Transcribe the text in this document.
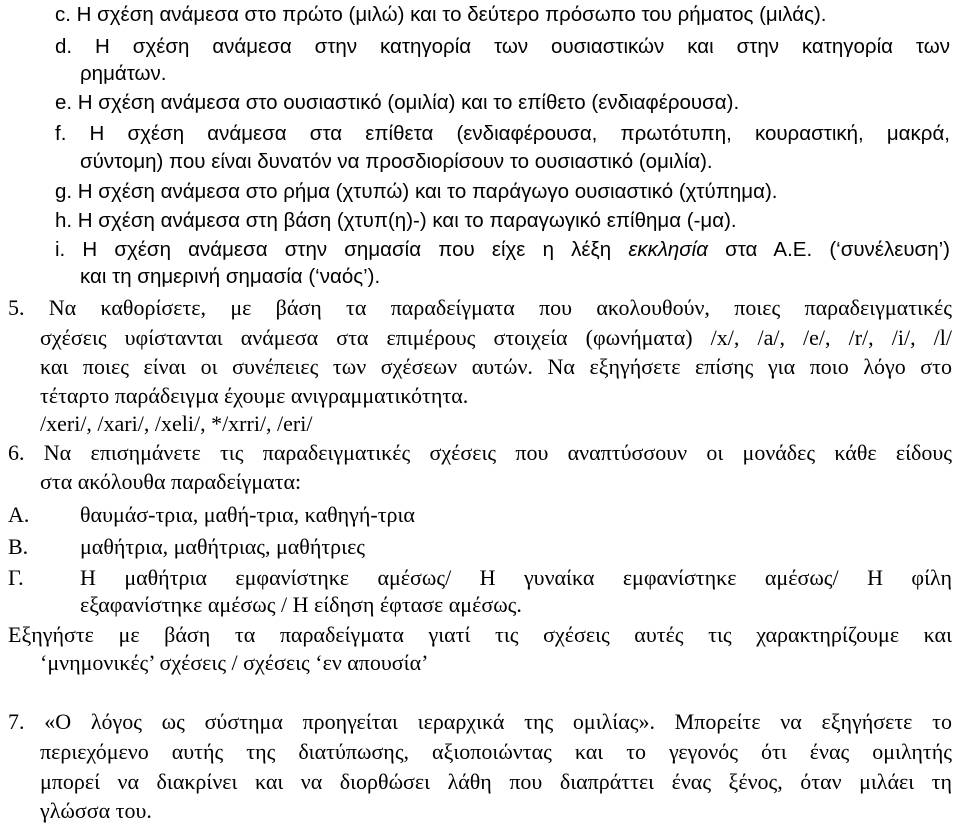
c. Η σχέση ανάμεσα στο πρώτο (μιλώ) και το δεύτερο πρόσωπο του ρήματος (μιλάς).
d. Η σχέση ανάμεσα στην κατηγορία των ουσιαστικών και στην κατηγορία των
ρημάτων.
e. Η σχέση ανάμεσα στο ουσιαστικό (ομιλία) και το επίθετο (ενδιαφέρουσα).
f. Η σχέση ανάμεσα στα επίθετα (ενδιαφέρουσα, πρωτότυπη, κουραστική, μακρά,
σύντομη) που είναι δυνατόν να προσδιορίσουν το ουσιαστικό (ομιλία).
g. Η σχέση ανάμεσα στο ρήμα (χτυπώ) και το παράγωγο ουσιαστικό (χτύπημα).
h. Η σχέση ανάμεσα στη βάση (χτυπ(η)-) και το παραγωγικό επίθημα (-μα).
i. Η σχέση ανάμεσα στην σημασία που είχε η λέξη εκκλησία στα Α.Ε. (‘συνέλευση’)
και τη σημερινή σημασία (‘ναός’).
5. Να καθορίσετε, με βάση τα παραδείγματα που ακολουθούν, ποιες παραδειγματικές
σχέσεις υφίστανται ανάμεσα στα επιμέρους στοιχεία (φωνήματα) /x/, /a/, /e/, /r/, /i/, /l/
και ποιες είναι οι συνέπειες των σχέσεων αυτών. Να εξηγήσετε επίσης για ποιο λόγο στο
τέταρτο παράδειγμα έχουμε ανιγραμματικότητα.
/xeri/, /xari/, /xeli/, */xrri/, /eri/
6. Να επισημάνετε τις παραδειγματικές σχέσεις που αναπτύσσουν οι μονάδες κάθε είδους
στα ακόλουθα παραδείγματα:
Α. θαυμάσ-τρια, μαθή-τρια, καθηγή-τρια
Β. μαθήτρια, μαθήτριας, μαθήτριες
Γ.	Η μαθήτρια εμφανίστηκε αμέσως/ Η γυναίκα εμφανίστηκε αμέσως/ Η φίλη
εξαφανίστηκε αμέσως / Η είδηση έφτασε αμέσως.
Εξηγήστε με βάση τα παραδείγματα γιατί τις σχέσεις αυτές τις χαρακτηρίζουμε και
‘μνημονικές’ σχέσεις / σχέσεις ‘εν απουσία’
7. «Ο λόγος ως σύστημα προηγείται ιεραρχικά της ομιλίας». Μπορείτε να εξηγήσετε το
περιεχόμενο αυτής της διατύπωσης, αξιοποιώντας και το γεγονός ότι ένας ομιλητής
μπορεί να διακρίνει και να διορθώσει λάθη που διαπράττει ένας ξένος, όταν μιλάει τη
γλώσσα του.
